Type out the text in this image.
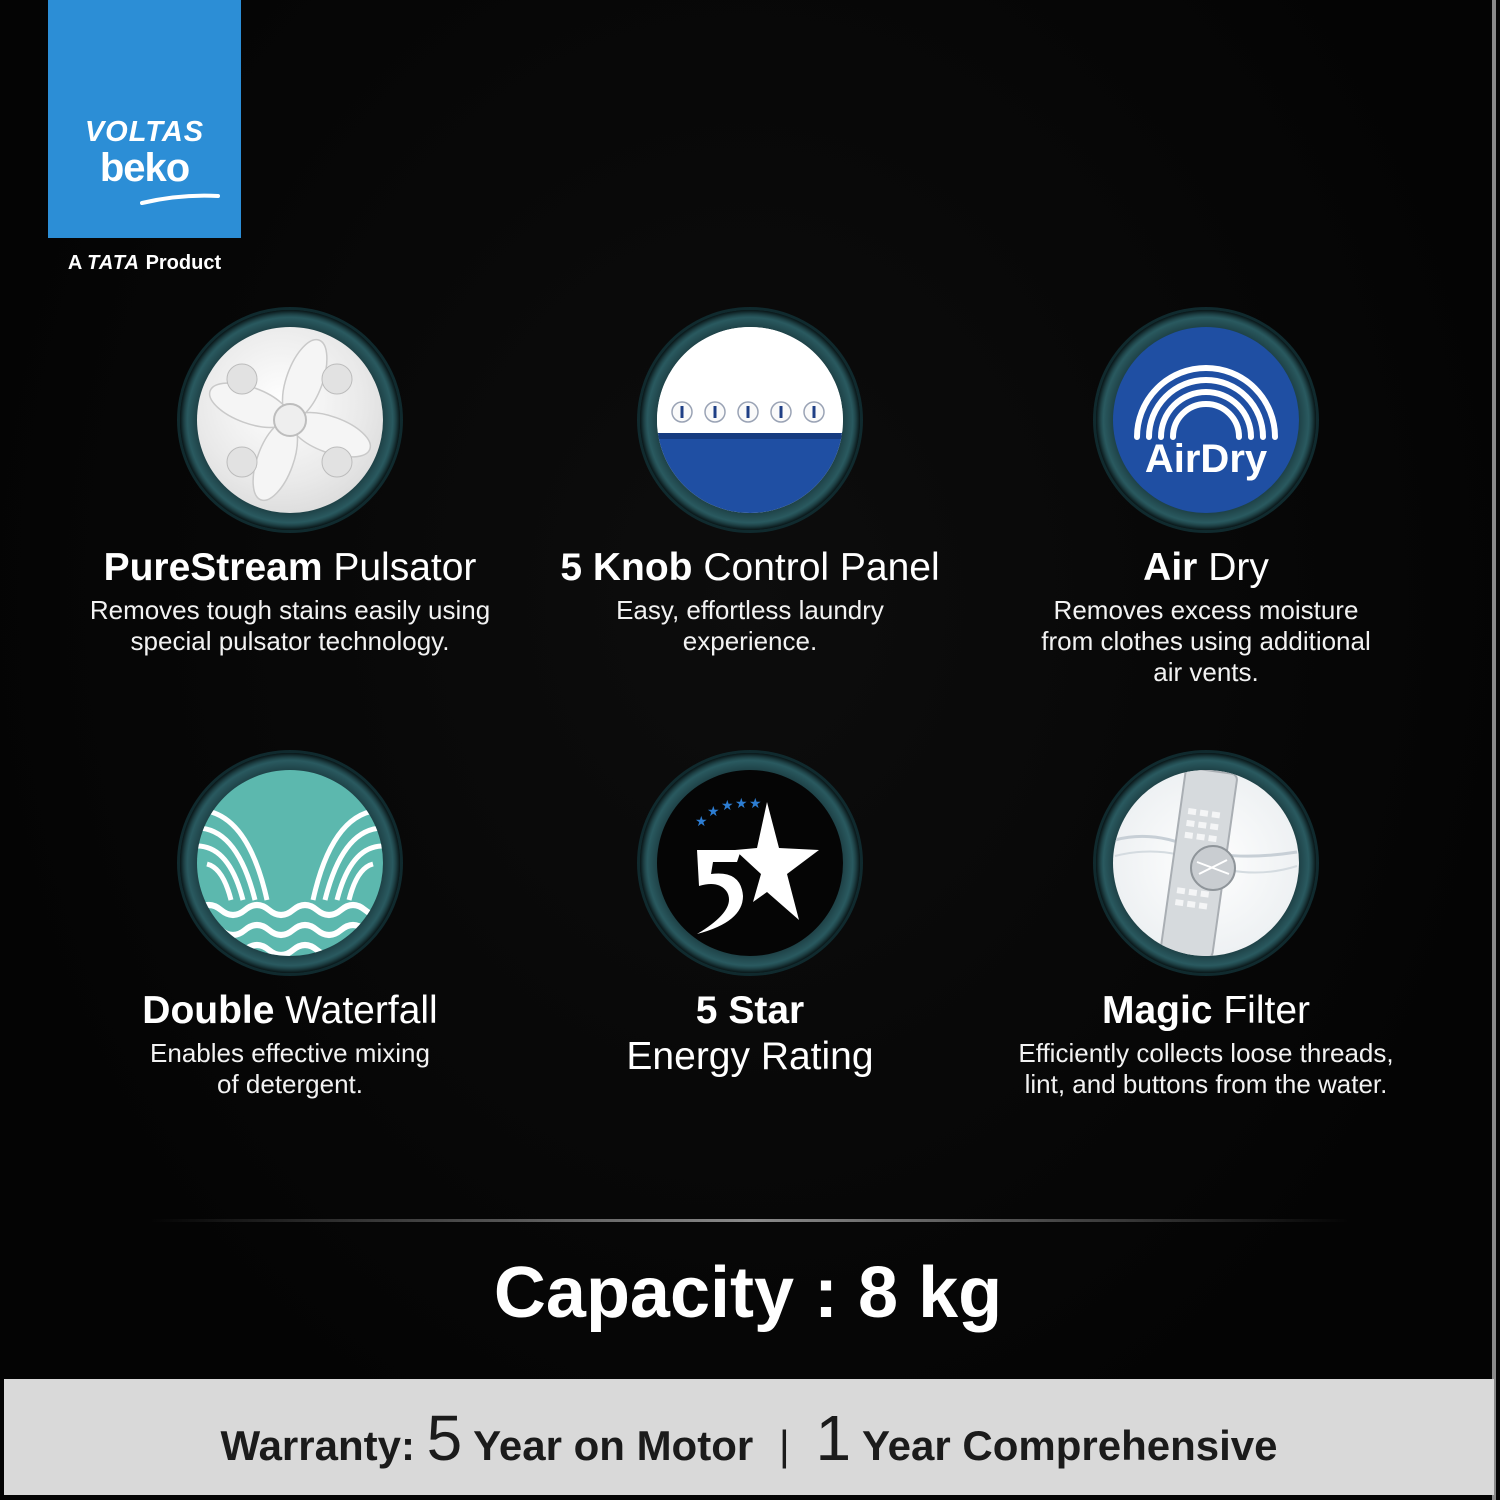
VOLTAS
beko
A TATA Product
PureStream Pulsator
Removes tough stains easily using
special pulsator technology.
5 Knob Control Panel
Easy, effortless laundry
experience.
AirDry
Air Dry
Removes excess moisture
from clothes using additional
air vents.
Double Waterfall
Enables effective mixing
of detergent.
★
★ ★ ★ ★
5 Star
Energy Rating
Magic Filter
Efficiently collects loose threads,
lint, and buttons from the water.
Capacity : 8 kg
Warranty: 5 Year on Motor | 1 Year Comprehensive
